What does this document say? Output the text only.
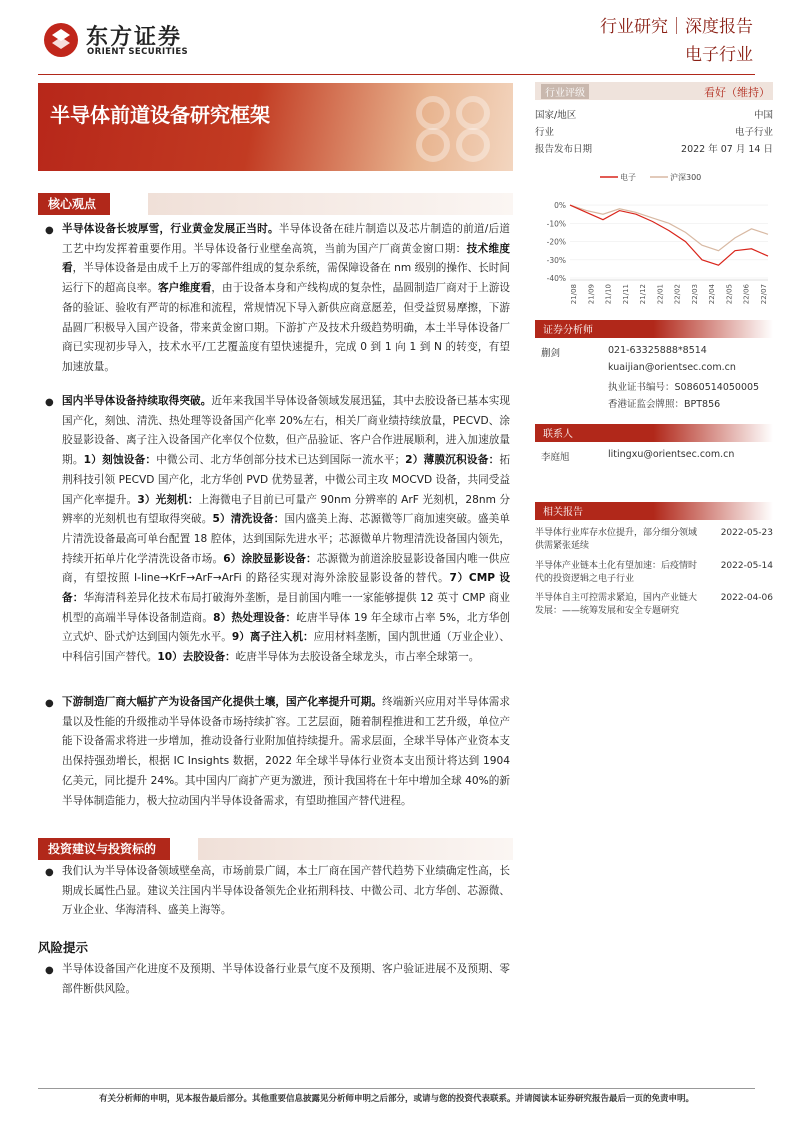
东方证券
ORIENT SECURITIES
行业研究｜深度报告
电子行业
半导体前道设备研究框架
行业评级	看好（维持）
国家/地区	中国
行业	电子行业
报告发布日期	2022 年 07 月 14 日
电子	沪深300
0%
-10%
-20%
-30%
-40%
21/08 21/09 21/10 21/11 21/12 22/01 22/02 22/03 22/04 22/05 22/06 22/07
证券分析师
蒯剑	021-63325888*8514
kuaijian@orientsec.com.cn
执业证书编号：S0860514050005
香港证监会牌照：BPT856
联系人
李庭旭	litingxu@orientsec.com.cn
相关报告
半导体行业库存水位提升，部分细分领域
供需紧张延续
2022-05-23
半导体产业链本土化有望加速：后疫情时
代的投资逻辑之电子行业
2022-05-14
半导体自主可控需求紧迫，国内产业链大
发展：——统筹发展和安全专题研究
2022-04-06
核心观点
● 半导体设备长坡厚雪，行业黄金发展正当时。半导体设备在硅片制造以及芯片制造的前道/后道工艺中均发挥着重要作用。半导体设备行业壁垒高筑，当前为国产厂商黄金窗口期：技术维度看，半导体设备是由成千上万的零部件组成的复杂系统，需保障设备在 nm 级别的操作、长时间运行下的超高良率。客户维度看，由于设备本身和产线构成的复杂性，晶圆制造厂商对于上游设备的验证、验收有严苛的标准和流程，常规情况下导入新供应商意愿差，但受益贸易摩擦，下游晶圆厂积极导入国产设备，带来黄金窗口期。下游扩产及技术升级趋势明确，本土半导体设备厂商已实现初步导入，技术水平/工艺覆盖度有望快速提升，完成 0 到 1 向 1 到 N 的转变，有望加速放量。
● 国内半导体设备持续取得突破。近年来我国半导体设备领域发展迅猛，其中去胶设备已基本实现国产化，刻蚀、清洗、热处理等设备国产化率 20%左右，相关厂商业绩持续放量，PECVD、涂胶显影设备、离子注入设备国产化率仅个位数，但产品验证、客户合作进展顺利，进入加速放量期。1）刻蚀设备：中微公司、北方华创部分技术已达到国际一流水平；2）薄膜沉积设备：拓荆科技引领 PECVD 国产化，北方华创 PVD 优势显著，中微公司主攻 MOCVD 设备，共同受益国产化率提升。3）光刻机：上海微电子目前已可量产 90nm 分辨率的 ArF 光刻机，28nm 分辨率的光刻机也有望取得突破。5）清洗设备：国内盛美上海、芯源微等厂商加速突破。盛美单片清洗设备最高可单台配置 18 腔体，达到国际先进水平；芯源微单片物理清洗设备国内领先，持续开拓单片化学清洗设备市场。6）涂胶显影设备：芯源微为前道涂胶显影设备国内唯一供应商，有望按照 I-line→KrF→ArF→ArFi 的路径实现对海外涂胶显影设备的替代。7）CMP 设备：华海清科差异化技术布局打破海外垄断，是目前国内唯一一家能够提供 12 英寸 CMP 商业机型的高端半导体设备制造商。8）热处理设备：屹唐半导体 19 年全球市占率 5%，北方华创立式炉、卧式炉达到国内领先水平。9）离子注入机：应用材料垄断，国内凯世通（万业企业）、中科信引国产替代。10）去胶设备：屹唐半导体为去胶设备全球龙头，市占率全球第一。
● 下游制造厂商大幅扩产为设备国产化提供土壤，国产化率提升可期。终端新兴应用对半导体需求量以及性能的升级推动半导体设备市场持续扩容。工艺层面，随着制程推进和工艺升级，单位产能下设备需求将进一步增加，推动设备行业附加值持续提升。需求层面，全球半导体产业资本支出保持强劲增长，根据 IC Insights 数据，2022 年全球半导体行业资本支出预计将达到 1904 亿美元，同比提升 24%。其中国内厂商扩产更为激进，预计我国将在十年中增加全球 40%的新半导体制造能力，极大拉动国内半导体设备需求，有望助推国产替代进程。
投资建议与投资标的
● 我们认为半导体设备领域壁垒高，市场前景广阔，本土厂商在国产替代趋势下业绩确定性高，长期成长属性凸显。建议关注国内半导体设备领先企业拓荆科技、中微公司、北方华创、芯源微、万业企业、华海清科、盛美上海等。
风险提示
● 半导体设备国产化进度不及预期、半导体设备行业景气度不及预期、客户验证进展不及预期、零部件断供风险。
有关分析师的申明，见本报告最后部分。其他重要信息披露见分析师申明之后部分，或请与您的投资代表联系。并请阅读本证券研究报告最后一页的免责申明。
